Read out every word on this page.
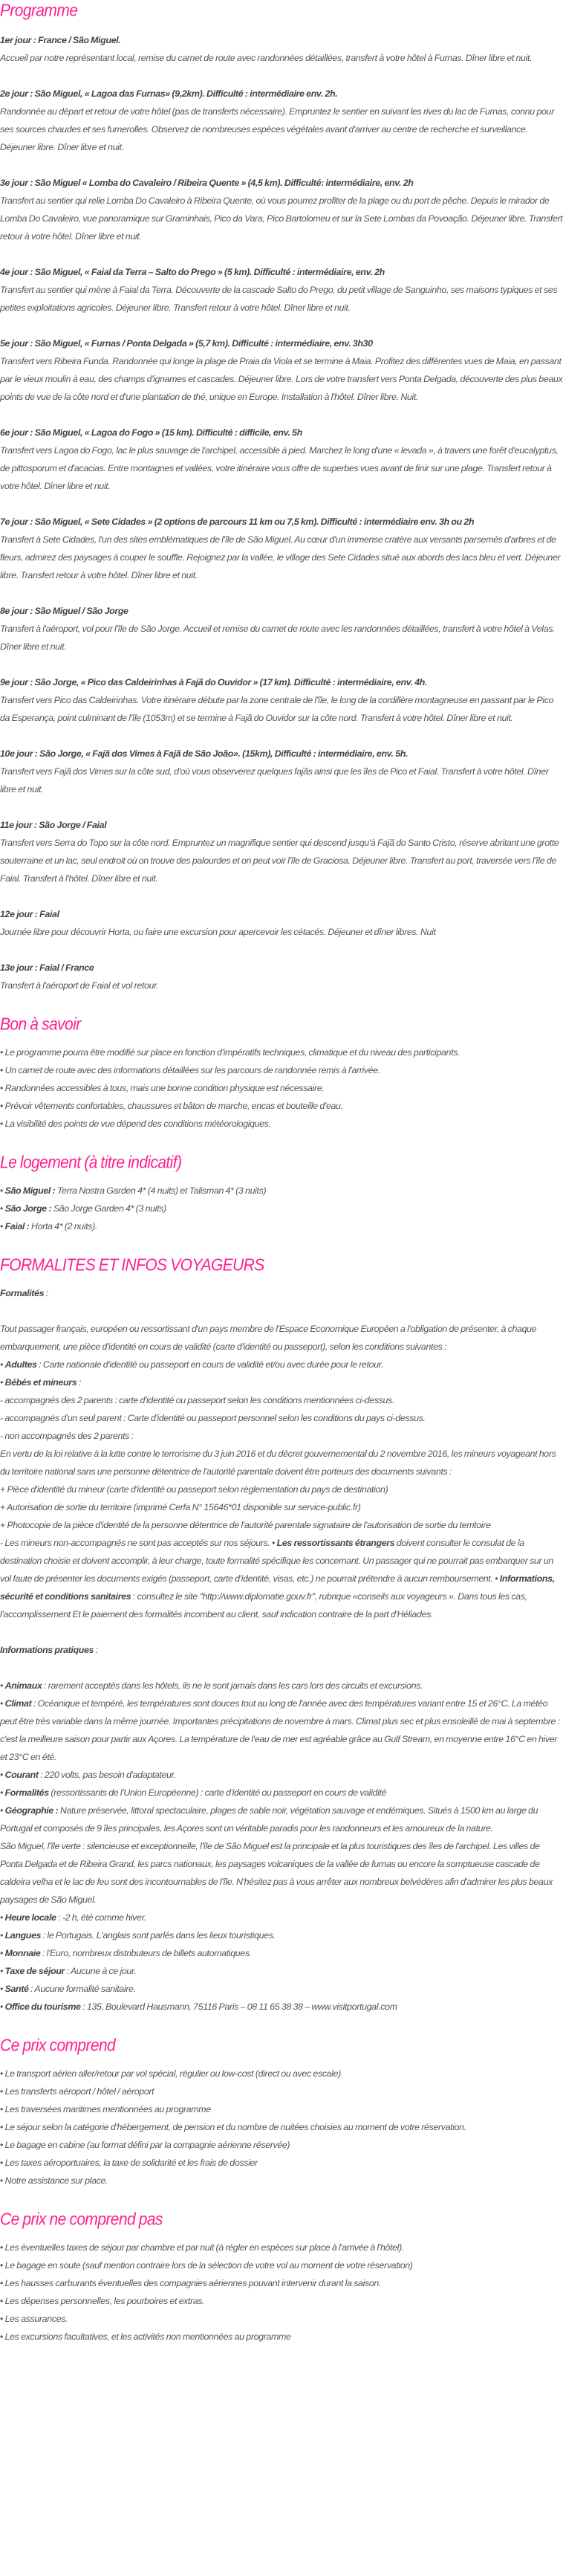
Programme
1er jour : France / São Miguel.
Accueil par notre représentant local, remise du carnet de route avec randonnées détaillées, transfert à votre hôtel à Furnas. Dîner libre et nuit.
2e jour : São Miguel, « Lagoa das Furnas» (9,2km). Difficulté : intermédiaire env. 2h.
Randonnée au départ et retour de votre hôtel (pas de transferts nécessaire). Empruntez le sentier en suivant les rives du lac de Furnas, connu pour ses sources chaudes et ses fumerolles. Observez de nombreuses espèces végétales avant d'arriver au centre de recherche et surveillance. Déjeuner libre. Dîner libre et nuit.
3e jour : São Miguel « Lomba do Cavaleiro / Ribeira Quente » (4,5 km). Difficulté: intermédiaire, env. 2h
Transfert au sentier qui relie Lomba Do Cavaleiro à Ribeira Quente, où vous pourrez profiter de la plage ou du port de pêche. Depuis le mirador de Lomba Do Cavaleiro, vue panoramique sur Graminhais, Pico da Vara, Pico Bartolomeu et sur la Sete Lombas da Povoação. Déjeuner libre. Transfert retour à votre hôtel. Dîner libre et nuit.
4e jour : São Miguel, « Faial da Terra – Salto do Prego » (5 km). Difficulté : intermédiaire, env. 2h
Transfert au sentier qui mène à Faial da Terra. Découverte de la cascade Salto do Prego, du petit village de Sanguinho, ses maisons typiques et ses petites exploitations agricoles. Déjeuner libre. Transfert retour à votre hôtel. Dîner libre et nuit.
5e jour : São Miguel, « Furnas / Ponta Delgada » (5,7 km). Difficulté : intermédiaire, env. 3h30
Transfert vers Ribeira Funda. Randonnée qui longe la plage de Praia da Viola et se termine à Maia. Profitez des différentes vues de Maia, en passant par le vieux moulin à eau, des champs d'ignames et cascades. Déjeuner libre. Lors de votre transfert vers Ponta Delgada, découverte des plus beaux points de vue de la côte nord et d'une plantation de thé, unique en Europe. Installation à l'hôtel. Dîner libre. Nuit.
6e jour : São Miguel, « Lagoa do Fogo » (15 km). Difficulté : difficile, env. 5h
Transfert vers Lagoa do Fogo, lac le plus sauvage de l'archipel, accessible à pied. Marchez le long d'une « levada », à travers une forêt d'eucalyptus, de pittosporum et d'acacias. Entre montagnes et vallées, votre itinéraire vous offre de superbes vues avant de finir sur une plage. Transfert retour à votre hôtel. Dîner libre et nuit.
7e jour : São Miguel, « Sete Cidades » (2 options de parcours 11 km ou 7,5 km). Difficulté : intermédiaire env. 3h ou 2h
Transfert à Sete Cidades, l'un des sites emblématiques de l'île de São Miguel. Au cœur d'un immense cratère aux versants parsemés d'arbres et de fleurs, admirez des paysages à couper le souffle. Rejoignez par la vallée, le village des Sete Cidades situé aux abords des lacs bleu et vert. Déjeuner libre. Transfert retour à votre hôtel. Dîner libre et nuit.
8e jour : São Miguel / São Jorge
Transfert à l'aéroport, vol pour l'île de São Jorge. Accueil et remise du carnet de route avec les randonnées détaillées, transfert à votre hôtel à Velas. Dîner libre et nuit.
9e jour : São Jorge, « Pico das Caldeirinhas à Fajã do Ouvidor » (17 km). Difficulté : intermédiaire, env. 4h.
Transfert vers Pico das Caldeirinhas. Votre itinéraire débute par la zone centrale de l'île, le long de la cordillère montagneuse en passant par le Pico da Esperança, point culminant de l'île (1053m) et se termine à Fajã do Ouvidor sur la côte nord. Transfert à votre hôtel. Dîner libre et nuit.
10e jour : São Jorge, « Fajã dos Vimes à Fajã de São João». (15km), Difficulté : intermédiaire, env. 5h.
Transfert vers Fajã dos Vimes sur la côte sud, d'où vous observerez quelques fajãs ainsi que les îles de Pico et Faial. Transfert à votre hôtel. Dîner libre et nuit.
11e jour : São Jorge / Faial
Transfert vers Serra do Topo sur la côte nord. Empruntez un magnifique sentier qui descend jusqu'à Fajã do Santo Cristo, réserve abritant une grotte souterraine et un lac, seul endroit où on trouve des palourdes et on peut voir l'île de Graciosa. Déjeuner libre. Transfert au port, traversée vers l'île de Faial. Transfert à l'hôtel. Dîner libre et nuit.
12e jour : Faial
Journée libre pour découvrir Horta, ou faire une excursion pour apercevoir les cétacés. Déjeuner et dîner libres. Nuit
13e jour : Faial / France
Transfert à l'aéroport de Faial et vol retour.
Bon à savoir
• Le programme pourra être modifié sur place en fonction d'impératifs techniques, climatique et du niveau des participants.
• Un carnet de route avec des informations détaillées sur les parcours de randonnée remis à l'arrivée.
• Randonnées accessibles à tous, mais une bonne condition physique est nécessaire.
• Prévoir vêtements confortables, chaussures et bâton de marche, encas et bouteille d'eau.
• La visibilité des points de vue dépend des conditions météorologiques.
Le logement (à titre indicatif)
• São Miguel : Terra Nostra Garden 4* (4 nuits) et Talisman 4* (3 nuits)
• São Jorge : São Jorge Garden 4* (3 nuits)
• Faial : Horta 4* (2 nuits).
FORMALITES ET INFOS VOYAGEURS
Formalités :
Tout passager français, européen ou ressortissant d'un pays membre de l'Espace Economique Européen a l'obligation de présenter, à chaque embarquement, une pièce d'identité en cours de validité (carte d'identité ou passeport), selon les conditions suivantes :
• Adultes : Carte nationale d'identité ou passeport en cours de validité et/ou avec durée pour le retour.
• Bébés et mineurs :
- accompagnés des 2 parents : carte d'identité ou passeport selon les conditions mentionnées ci-dessus.
- accompagnés d'un seul parent : Carte d'identité ou passeport personnel selon les conditions du pays ci-dessus.
- non accompagnés des 2 parents :
En vertu de la loi relative à la lutte contre le terrorisme du 3 juin 2016 et du décret gouvernemental du 2 novembre 2016, les mineurs voyageant hors du territoire national sans une personne détentrice de l'autorité parentale doivent être porteurs des documents suivants :
+ Pièce d'identité du mineur (carte d'identité ou passeport selon règlementation du pays de destination)
+ Autorisation de sortie du territoire (imprimé Cerfa N° 15646*01 disponible sur service-public.fr)
+ Photocopie de la pièce d'identité de la personne détentrice de l'autorité parentale signataire de l'autorisation de sortie du territoire
- Les mineurs non-accompagnés ne sont pas acceptés sur nos séjours. • Les ressortissants étrangers doivent consulter le consulat de la destination choisie et doivent accomplir, à leur charge, toute formalité spécifique les concernant. Un passager qui ne pourrait pas embarquer sur un vol faute de présenter les documents exigés (passeport, carte d'identité, visas, etc.) ne pourrait prétendre à aucun remboursement. • Informations, sécurité et conditions sanitaires : consultez le site "http://www.diplomatie.gouv.fr", rubrique «conseils aux voyageurs ». Dans tous les cas, l'accomplissement Et le paiement des formalités incombent au client, sauf indication contraire de la part d'Héliades.
Informations pratiques :
• Animaux : rarement acceptés dans les hôtels, ils ne le sont jamais dans les cars lors des circuits et excursions.
• Climat : Océanique et tempéré, les températures sont douces tout au long de l'année avec des températures variant entre 15 et 26°C. La météo peut être très variable dans la même journée. Importantes précipitations de novembre à mars. Climat plus sec et plus ensoleillé de mai à septembre : c'est la meilleure saison pour partir aux Açores. La température de l'eau de mer est agréable grâce au Gulf Stream, en moyenne entre 16°C en hiver et 23°C en été.
• Courant : 220 volts, pas besoin d'adaptateur.
• Formalités (ressortissants de l'Union Européenne) : carte d'identité ou passeport en cours de validité
• Géographie : Nature préservée, littoral spectaculaire, plages de sable noir, végétation sauvage et endémiques. Situés à 1500 km au large du Portugal et composés de 9 îles principales, les Açores sont un véritable paradis pour les randonneurs et les amoureux de la nature.
São Miguel, l'île verte : silencieuse et exceptionnelle, l'île de São Miguel est la principale et la plus touristiques des îles de l'archipel. Les villes de Ponta Delgada et de Ribeira Grand, les parcs nationaux, les paysages volcaniques de la vallée de furnas ou encore la somptueuse cascade de caldeira velha et le lac de feu sont des incontournables de l'île. N'hésitez pas à vous arrêter aux nombreux belvédères afin d'admirer les plus beaux paysages de São Miguel.
• Heure locale : -2 h, été comme hiver.
• Langues : le Portugais. L'anglais sont parlés dans les lieux touristiques.
• Monnaie : l'Euro, nombreux distributeurs de billets automatiques.
• Taxe de séjour : Aucune à ce jour.
• Santé : Aucune formalité sanitaire.
• Office du tourisme : 135, Boulevard Hausmann, 75116 Paris – 08 11 65 38 38 – www.visitportugal.com
Ce prix comprend
• Le transport aérien aller/retour par vol spécial, régulier ou low-cost (direct ou avec escale)
• Les transferts aéroport / hôtel / aéroport
• Les traversées maritimes mentionnées au programme
• Le séjour selon la catégorie d'hébergement, de pension et du nombre de nuitées choisies au moment de votre réservation.
• Le bagage en cabine (au format défini par la compagnie aérienne réservée)
• Les taxes aéroportuaires, la taxe de solidarité et les frais de dossier
• Notre assistance sur place.
Ce prix ne comprend pas
• Les éventuelles taxes de séjour par chambre et par nuit (à régler en espèces sur place à l'arrivée à l'hôtel).
• Le bagage en soute (sauf mention contraire lors de la sélection de votre vol au moment de votre réservation)
• Les hausses carburants éventuelles des compagnies aériennes pouvant intervenir durant la saison.
• Les dépenses personnelles, les pourboires et extras.
• Les assurances.
• Les excursions facultatives, et les activités non mentionnées au programme
